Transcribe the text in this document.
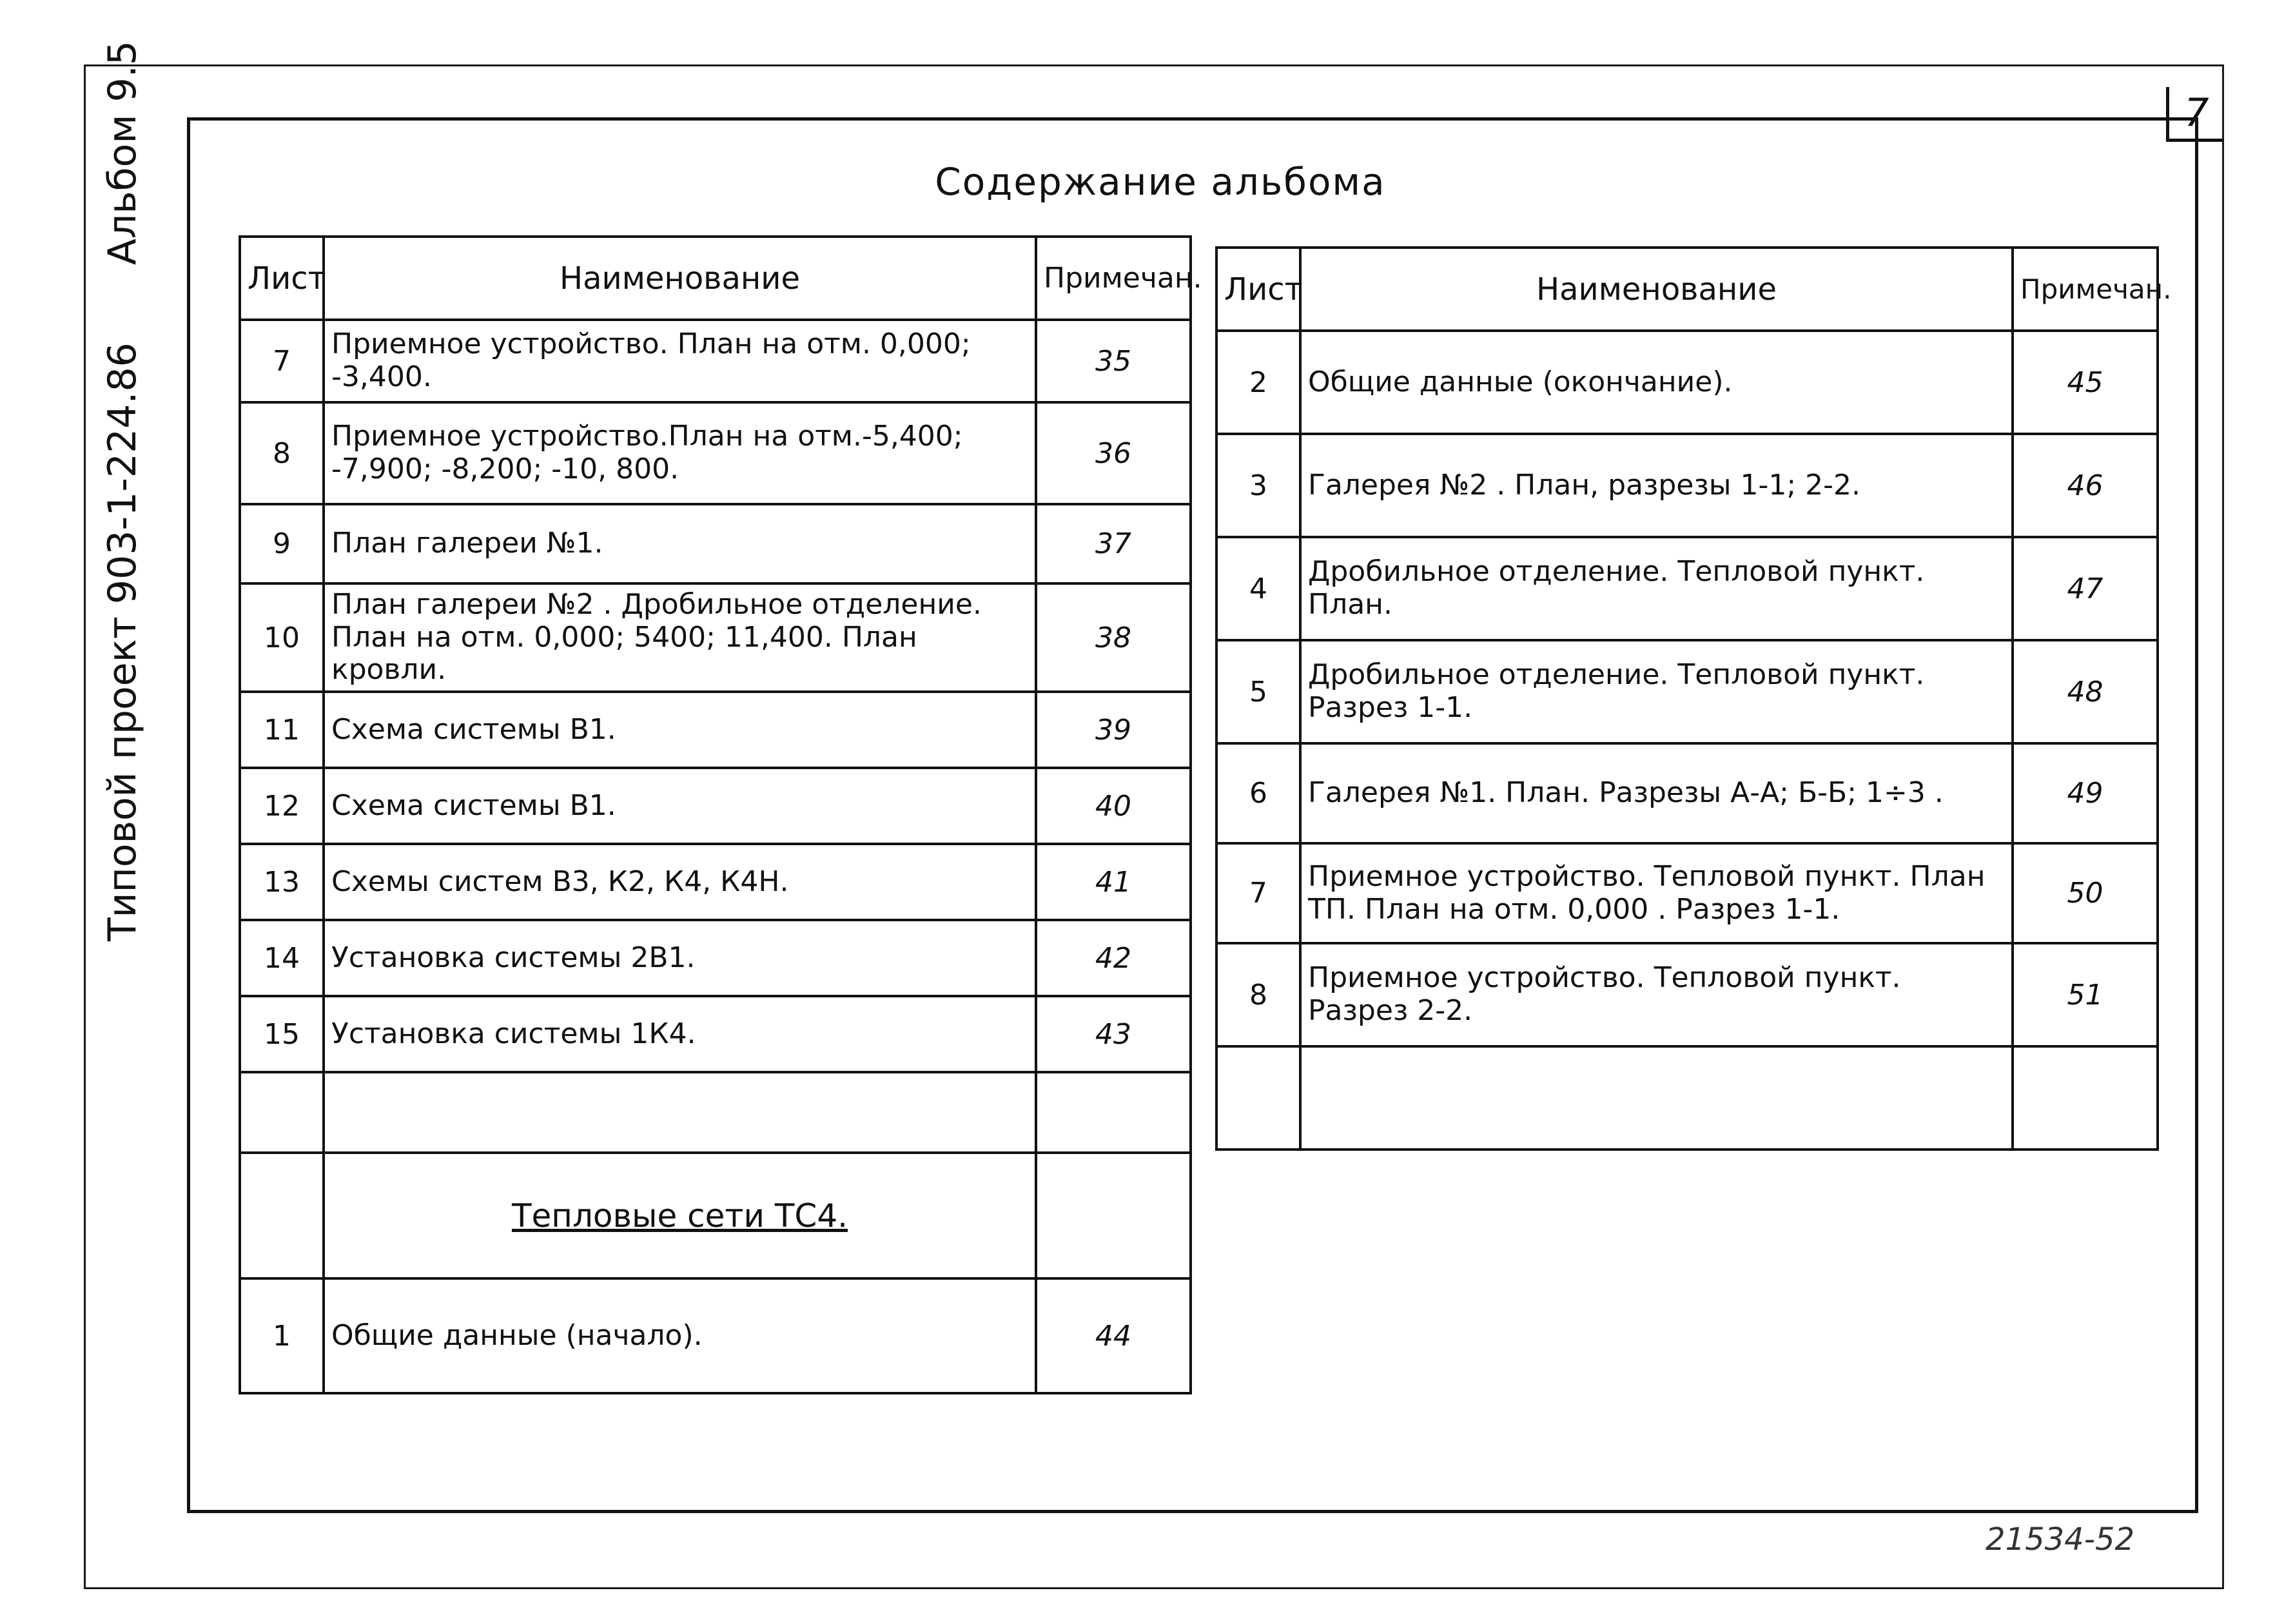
7
Типовой проект 903-1-224.86
Альбом 9.5	Содержание альбома
Лист	Наименование	Примечан.
7	Приемное устройство. План на отм. 0,000; -3,400.	35
8	Приемное устройство.План на отм.-5,400; -7,900; -8,200; -10, 800.	36
9	План галереи №1.	37
10	План галереи №2 . Дробильное отделение. План на отм. 0,000; 5400; 11,400. План кровли.	38
11	Схема системы В1.	39
12	Схема системы В1.	40
13	Схемы систем В3, К2, К4, К4Н.	41
14	Установка системы 2В1.	42
15	Установка системы 1К4.	43

	Тепловые сети ТС4.	

1	Общие данные (начало).	44
Лист	Наименование	Примечан.
2	Общие данные (окончание).	45
3	Галерея №2 . План, разрезы 1-1; 2-2.	46
4	Дробильное отделение. Тепловой пункт. План.	47
5	Дробильное отделение. Тепловой пункт. Разрез 1-1.	48
6	Галерея №1. План. Разрезы А-А; Б-Б; 1÷3 .	49
7	Приемное устройство. Тепловой пункт. План ТП. План на отм. 0,000 . Разрез 1-1.	50
8	Приемное устройство. Тепловой пункт. Разрез 2-2.	51

21534-52
